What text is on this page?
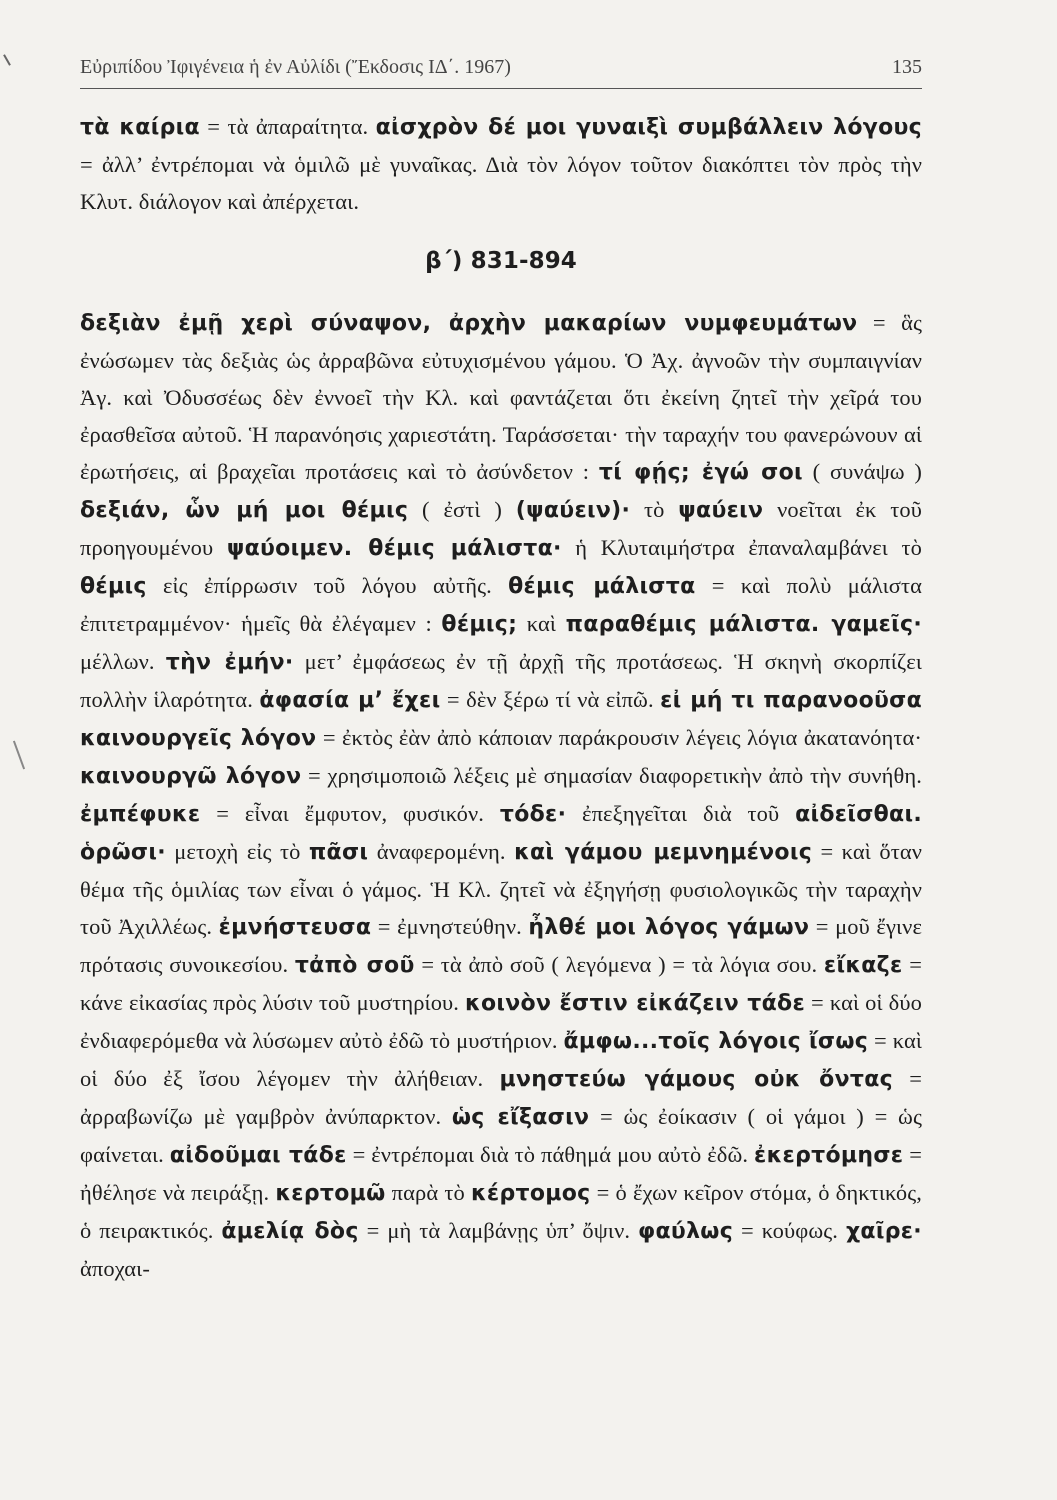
Εὐριπίδου Ἰφιγένεια ἡ ἐν Αὐλίδι (Ἔκδοσις ΙΔ΄. 1967)	135

τὰ καίρια = τὰ ἀπαραίτητα. αἰσχρὸν δέ μοι γυναιξὶ συμβάλλειν λόγους = ἀλλ’ ἐντρέπομαι νὰ ὁμιλῶ μὲ γυναῖκας. Διὰ τὸν λόγον τοῦτον διακόπτει τὸν πρὸς τὴν Κλυτ. διάλογον καὶ ἀπέρχεται.

β΄) 831-894

δεξιὰν ἐμῇ χερὶ σύναψον, ἀρχὴν μακαρίων νυμφευμάτων = ἃς ἐνώσωμεν τὰς δεξιὰς ὡς ἀρραβῶνα εὐτυχισμένου γάμου. Ὁ Ἀχ. ἀγνοῶν τὴν συμπαιγνίαν Ἀγ. καὶ Ὀδυσσέως δὲν ἐννοεῖ τὴν Κλ. καὶ φαντάζεται ὅτι ἐκείνη ζητεῖ τὴν χεῖρά του ἐρασθεῖσα αὐτοῦ. Ἡ παρανόησις χαριεστάτη. Ταράσσεται· τὴν ταραχήν του φανερώνουν αἱ ἐρωτήσεις, αἱ βραχεῖαι προτάσεις καὶ τὸ ἀσύνδετον : τί φῄς; ἐγώ σοι ( συνάψω ) δεξιάν, ὧν μή μοι θέμις ( ἐστὶ ) (ψαύειν)· τὸ ψαύειν νοεῖται ἐκ τοῦ προηγουμένου ψαύοιμεν. θέμις μάλιστα· ἡ Κλυταιμήστρα ἐπαναλαμβάνει τὸ θέμις εἰς ἐπίρρωσιν τοῦ λόγου αὐτῆς. θέμις μάλιστα = καὶ πολὺ μάλιστα ἐπιτετραμμένον· ἡμεῖς θὰ ἐλέγαμεν : θέμις; καὶ παραθέμις μάλιστα. γαμεῖς· μέλλων. τὴν ἐμήν· μετ’ ἐμφάσεως ἐν τῇ ἀρχῇ τῆς προτάσεως. Ἡ σκηνὴ σκορπίζει πολλὴν ἱλαρότητα. ἀφασία μ’ ἔχει = δὲν ξέρω τί νὰ εἰπῶ. εἰ μή τι παρανοοῦσα καινουργεῖς λόγον = ἐκτὸς ἐὰν ἀπὸ κάποιαν παράκρουσιν λέγεις λόγια ἀκατανόητα· καινουργῶ λόγον = χρησιμοποιῶ λέξεις μὲ σημασίαν διαφορετικὴν ἀπὸ τὴν συνήθη. ἐμπέφυκε = εἶναι ἔμφυτον, φυσικόν. τόδε· ἐπεξηγεῖται διὰ τοῦ αἰδεῖσθαι. ὁρῶσι· μετοχὴ εἰς τὸ πᾶσι ἀναφερομένη. καὶ γάμου μεμνημένοις = καὶ ὅταν θέμα τῆς ὁμιλίας των εἶναι ὁ γάμος. Ἡ Κλ. ζητεῖ νὰ ἐξηγήσῃ φυσιολογικῶς τὴν ταραχὴν τοῦ Ἀχιλλέως. ἐμνήστευσα = ἐμνηστεύθην. ἦλθέ μοι λόγος γάμων = μοῦ ἔγινε πρότασις συνοικεσίου. τἀπὸ σοῦ = τὰ ἀπὸ σοῦ ( λεγόμενα ) = τὰ λόγια σου. εἴκαζε = κάνε εἰκασίας πρὸς λύσιν τοῦ μυστηρίου. κοινὸν ἔστιν εἰκάζειν τάδε = καὶ οἱ δύο ἐνδιαφερόμεθα νὰ λύσωμεν αὐτὸ ἐδῶ τὸ μυστήριον. ἄμφω...τοῖς λόγοις ἴσως = καὶ οἱ δύο ἐξ ἴσου λέγομεν τὴν ἀλήθειαν. μνηστεύω γάμους οὐκ ὄντας = ἀρραβωνίζω μὲ γαμβρὸν ἀνύπαρκτον. ὡς εἴξασιν = ὡς ἐοίκασιν ( οἱ γάμοι ) = ὡς φαίνεται. αἰδοῦμαι τάδε = ἐντρέπομαι διὰ τὸ πάθημά μου αὐτὸ ἐδῶ. ἐκερτόμησε = ἠθέλησε νὰ πειράξῃ. κερτομῶ παρὰ τὸ κέρτομος = ὁ ἔχων κεῖρον στόμα, ὁ δηκτικός, ὁ πειρακτικός. ἀμελίᾳ δὸς = μὴ τὰ λαμβάνῃς ὑπ’ ὄψιν. φαύλως = κούφως. χαῖρε· ἀποχαι-
